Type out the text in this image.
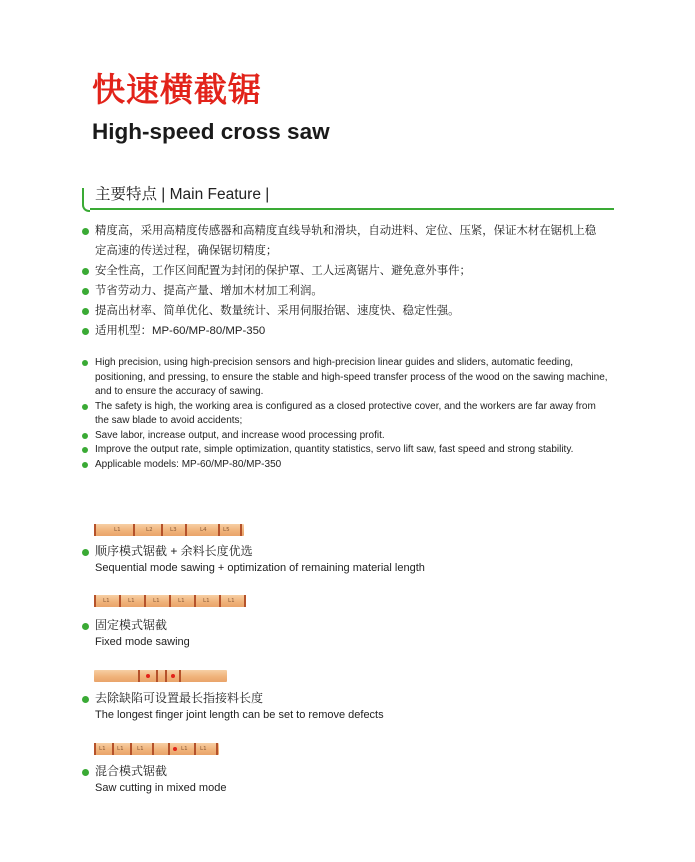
快速横截锯
High-speed cross saw

主要特点 | Main Feature |

精度高，采用高精度传感器和高精度直线导轨和滑块，自动进料、定位、压紧，保证木材在锯机上稳定高速的传送过程，确保锯切精度；
安全性高，工作区间配置为封闭的保护罩、工人远离锯片、避免意外事件；
节省劳动力、提高产量、增加木材加工利润。
提高出材率、简单优化、数量统计、采用伺服抬锯、速度快、稳定性强。
适用机型：MP-60/MP-80/MP-350
High precision, using high-precision sensors and high-precision linear guides and sliders, automatic feeding, positioning, and pressing, to ensure the stable and high-speed transfer process of the wood on the sawing machine, and to ensure the accuracy of sawing.
The safety is high, the working area is configured as a closed protective cover, and the workers are far away from the saw blade to avoid accidents;
Save labor, increase output, and increase wood processing profit.
Improve the output rate, simple optimization, quantity statistics, servo lift saw, fast speed and strong stability.
Applicable models: MP-60/MP-80/MP-350
L1	L2	L3	L4	L5

顺序模式锯截 + 余料长度优选

Sequential mode sawing + optimization of remaining material length

L1	L1	L1	L1	L1	L1

固定模式锯截

Fixed mode sawing

去除缺陷可设置最长指接料长度

The longest finger joint length can be set to remove defects

L1 L1 L1	L1 L1

混合模式锯截

Saw cutting in mixed mode
